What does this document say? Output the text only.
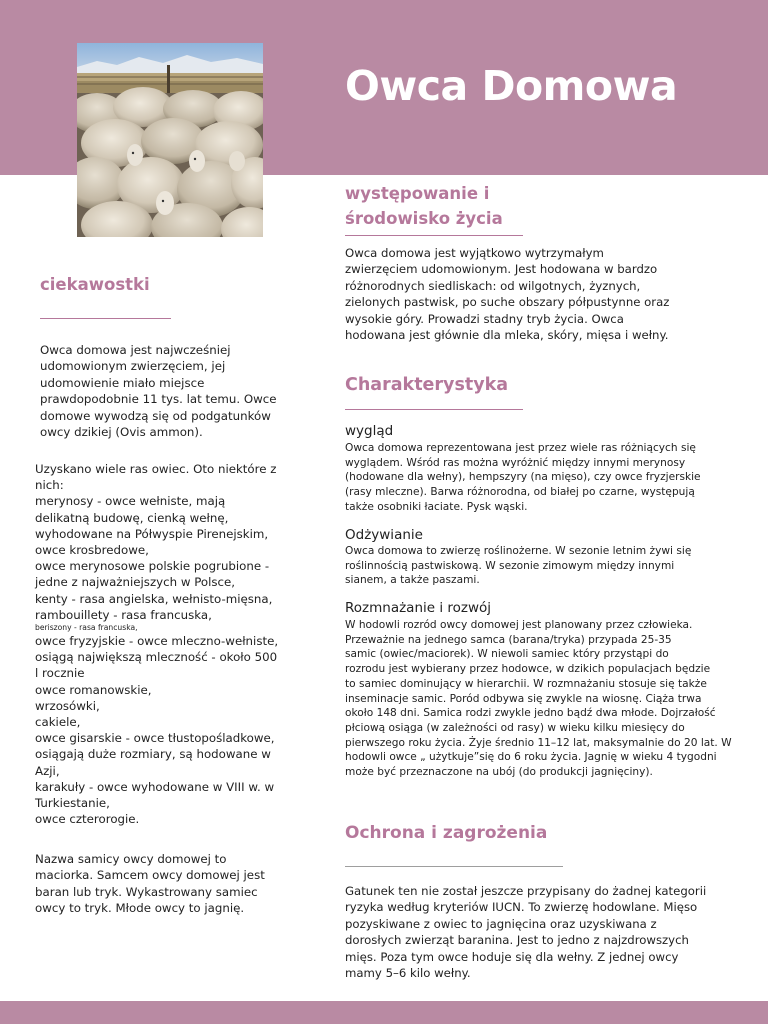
Owca Domowa
ciekawostki
Owca domowa jest najwcześniej
udomowionym zwierzęciem, jej
udomowienie miało miejsce
prawdopodobnie 11 tys. lat temu. Owce
domowe wywodzą się od podgatunków
owcy dzikiej (Ovis ammon).
Uzyskano wiele ras owiec. Oto niektóre z
nich:
merynosy - owce wełniste, mają
delikatną budowę, cienką wełnę,
wyhodowane na Półwyspie Pirenejskim,
owce krosbredowe,
owce merynosowe polskie pogrubione -
jedne z najważniejszych w Polsce,
kenty - rasa angielska, wełnisto-mięsna,
rambouillety - rasa francuska,
beriszony - rasa francuska,
owce fryzyjskie - owce mleczno-wełniste,
osiągą największą mleczność - około 500
l rocznie
owce romanowskie,
wrzosówki,
cakiele,
owce gisarskie - owce tłustopośladkowe,
osiągają duże rozmiary, są hodowane w
Azji,
karakuły - owce wyhodowane w VIII w. w
Turkiestanie,
owce czterorogie.
Nazwa samicy owcy domowej to
maciorka. Samcem owcy domowej jest
baran lub tryk. Wykastrowany samiec
owcy to tryk. Młode owcy to jagnię.
występowanie i
środowisko życia
Owca domowa jest wyjątkowo wytrzymałym
zwierzęciem udomowionym. Jest hodowana w bardzo
różnorodnych siedliskach: od wilgotnych, żyznych,
zielonych pastwisk, po suche obszary półpustynne oraz
wysokie góry. Prowadzi stadny tryb życia. Owca
hodowana jest głównie dla mleka, skóry, mięsa i wełny.
Charakterystyka
wygląd
Owca domowa reprezentowana jest przez wiele ras różniących się
wyglądem. Wśród ras można wyróżnić między innymi merynosy
(hodowane dla wełny), hempszyry (na mięso), czy owce fryzjerskie
(rasy mleczne). Barwa różnorodna, od białej po czarne, występują
także osobniki łaciate. Pysk wąski.
Odżywianie
Owca domowa to zwierzę roślinożerne. W sezonie letnim żywi się
roślinnością pastwiskową. W sezonie zimowym między innymi
sianem, a także paszami.
Rozmnażanie i rozwój
W hodowli rozród owcy domowej jest planowany przez człowieka.
Przeważnie na jednego samca (barana/tryka) przypada 25-35
samic (owiec/maciorek). W niewoli samiec który przystąpi do
rozrodu jest wybierany przez hodowce, w dzikich populacjach będzie
to samiec dominujący w hierarchii. W rozmnażaniu stosuje się także
inseminacje samic. Poród odbywa się zwykle na wiosnę. Ciąża trwa
około 148 dni. Samica rodzi zwykle jedno bądź dwa młode. Dojrzałość
płciową osiąga (w zależności od rasy) w wieku kilku miesięcy do
pierwszego roku życia. Żyje średnio 11–12 lat, maksymalnie do 20 lat. W
hodowli owce „ użytkuje”się do 6 roku życia. Jagnię w wieku 4 tygodni
może być przeznaczone na ubój (do produkcji jagnięciny).
Ochrona i zagrożenia
Gatunek ten nie został jeszcze przypisany do żadnej kategorii
ryzyka według kryteriów IUCN. To zwierzę hodowlane. Mięso
pozyskiwane z owiec to jagnięcina oraz uzyskiwana z
dorosłych zwierząt baranina. Jest to jedno z najzdrowszych
mięs. Poza tym owce hoduje się dla wełny. Z jednej owcy
mamy 5–6 kilo wełny.
